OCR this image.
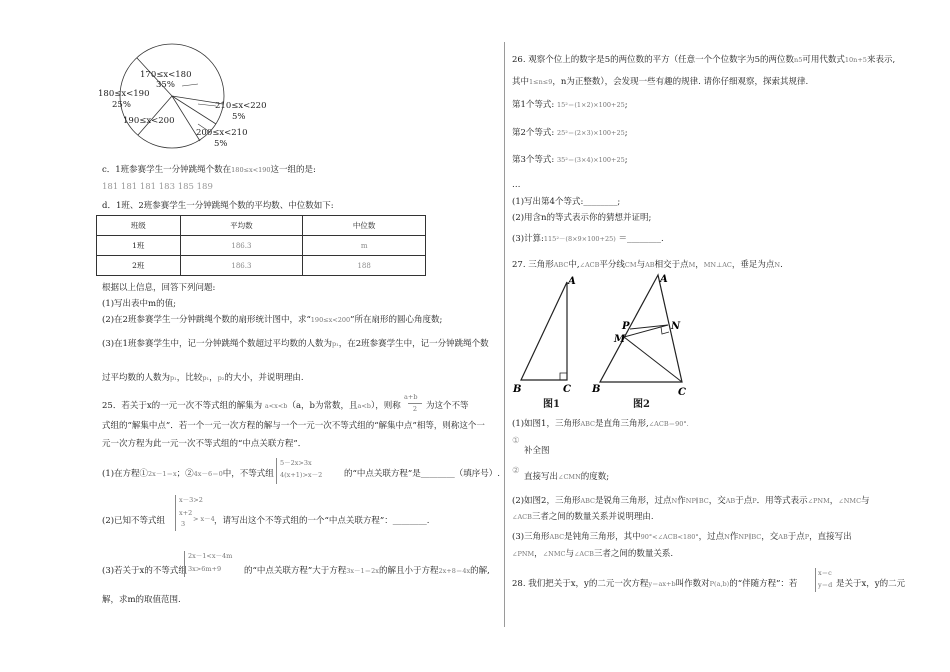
170≤x<180
35%
180≤x<190
25%
190≤x<200
210≤x<220
5%
200≤x<210
5%
c．1班参赛学生一分钟跳绳个数在180≤x<190这一组的是:
181 181 181 183 185 189
d．1班、2班参赛学生一分钟跳绳个数的平均数、中位数如下:
班级	平均数	中位数
1班	186.3	m
2班	186.3	188
根据以上信息，回答下列问题:
(1)写出表中m的值;
(2)在2班参赛学生一分钟跳绳个数的扇形统计图中，求“190≤x<200”所在扇形的圆心角度数;
(3)在1班参赛学生中，记一分钟跳绳个数超过平均数的人数为p₁，在2班参赛学生中，记一分钟跳绳个数
过平均数的人数为p₁，比较p₁，p₂的大小，并说明理由.
25．若关于x的一元一次不等式组的解集为 a<x<b（a，b为常数，且a<b），则称
a+b
2	为这个不等
式组的“解集中点”．若一个一元一次方程的解与一个一元一次不等式组的“解集中点”相等，则称这个一
元一次方程为此一元一次不等式组的“中点关联方程”．
(1)在方程①2x－1＝x；②4x－6＝0中，不等式组
5－2x>3x
4(x+1)>x－2	的“中点关联方程”是________（填序号）.
(2)已知不等式组
x－3>2
x+2
3
> x－4 ，请写出这个不等式组的一个“中点关联方程”：________.
(3)若关于x的不等式组
2x－1<x－4m
3x>6m+9	的“中点关联方程”大于方程3x－1＝2x的解且小于方程2x+8＝4x的解,
解，求m的取值范围.
26. 观察个位上的数字是5的两位数的平方（任意一个个位数字为5的两位数n5可用代数式10n+5来表示,
其中1≤n≤9，n为正整数），会发现一些有趣的规律. 请你仔细观察，探索其规律.
第1个等式: 15²＝(1×2)×100+25;
第2个等式: 25²＝(2×3)×100+25;
第3个等式: 35²＝(3×4)×100+25;
…
(1)写出第4个等式:________;
(2)用含n的等式表示你的猜想并证明;
(3)计算:115²－(8×9×100+25) ＝________.
27. 三角形ABC中,∠ACB平分线CM与AB相交于点M，MN⊥AC，垂足为点N.
A
B	C
图1
A
B	C
P	N
M
图2
(1)如图1，三角形ABC是直角三角形,∠ACB＝90°.
①
补全图
②
直接写出∠CMN的度数;
(2)如图2，三角形ABC是锐角三角形，过点N作NP∥BC，交AB于点P．用等式表示∠PNM，∠NMC与
∠ACB三者之间的数量关系并说明理由.
(3)三角形ABC是钝角三角形，其中90°<∠ACB<180°，过点N作NP∥BC，交AB于点P，直接写出
∠PNM，∠NMC与∠ACB三者之间的数量关系.
28. 我们把关于x，y的二元一次方程y＝ax+b叫作数对P(a,b)的“伴随方程”：若
x＝c
y＝d 是关于x，y的二元
